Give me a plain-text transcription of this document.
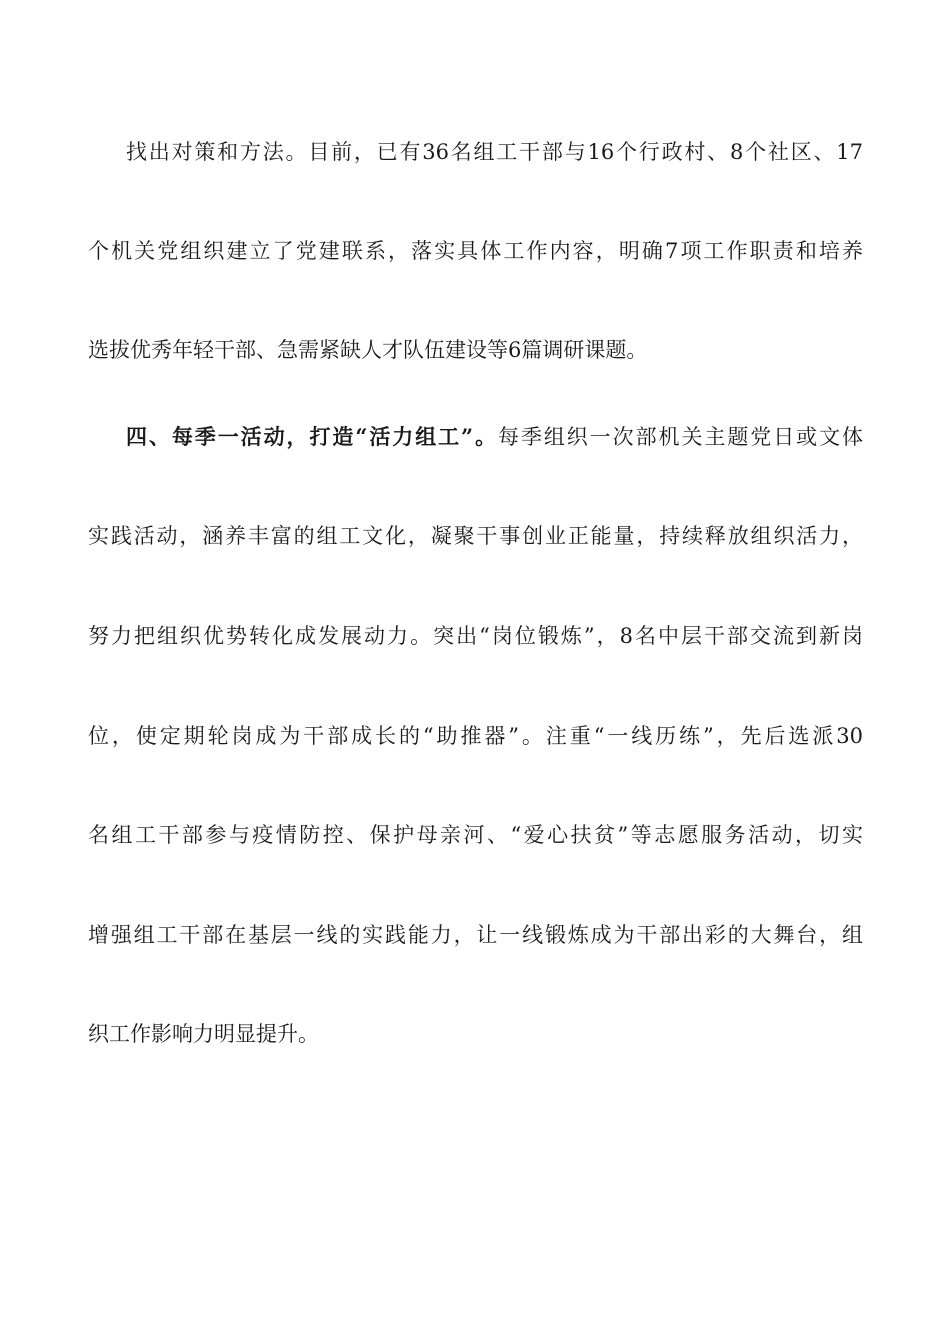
找出对策和方法。目前，已有36名组工干部与16个行政村、8个社区、17
个机关党组织建立了党建联系，落实具体工作内容，明确7项工作职责和培养
选拔优秀年轻干部、急需紧缺人才队伍建设等6篇调研课题。
四、每季一活动，打造“活力组工”。每季组织一次部机关主题党日或文体
实践活动，涵养丰富的组工文化，凝聚干事创业正能量，持续释放组织活力，
努力把组织优势转化成发展动力。突出“岗位锻炼”，8名中层干部交流到新岗
位，使定期轮岗成为干部成长的“助推器”。注重“一线历练”，先后选派30
名组工干部参与疫情防控、保护母亲河、“爱心扶贫”等志愿服务活动，切实
增强组工干部在基层一线的实践能力，让一线锻炼成为干部出彩的大舞台，组
织工作影响力明显提升。
